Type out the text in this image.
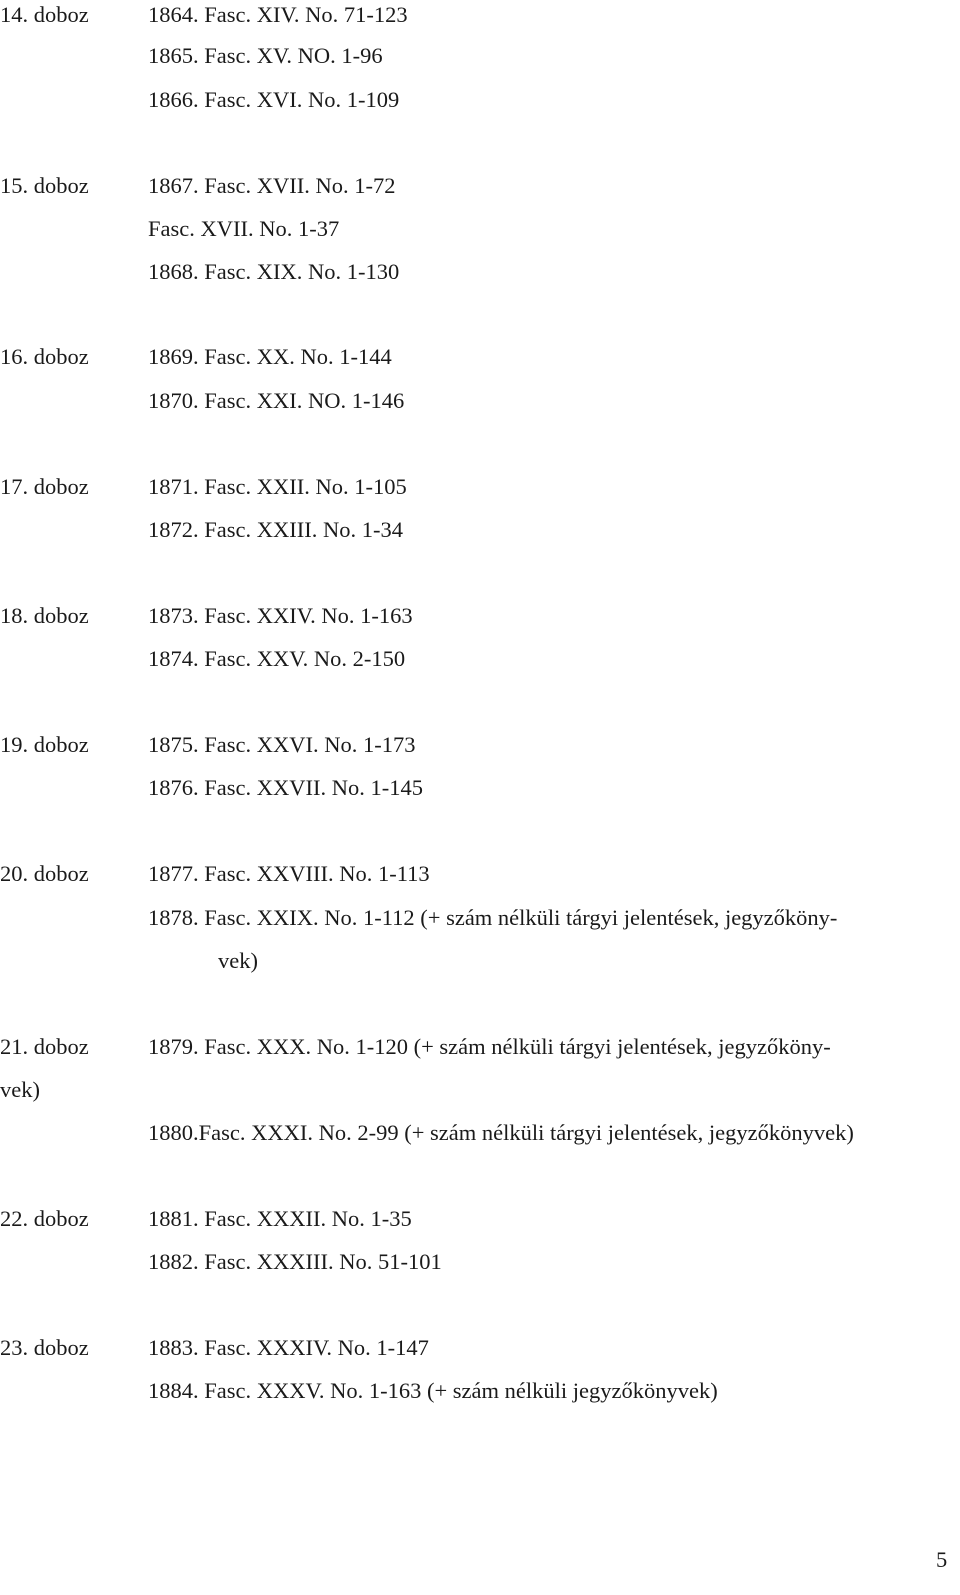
14. doboz	1864. Fasc. XIV. No. 71-123
1865. Fasc. XV. NO. 1-96
1866. Fasc. XVI. No. 1-109
15. doboz	1867. Fasc. XVII. No. 1-72
Fasc. XVII. No. 1-37
1868. Fasc. XIX. No. 1-130
16. doboz	1869. Fasc. XX. No. 1-144
1870. Fasc. XXI. NO. 1-146
17. doboz	1871. Fasc. XXII. No. 1-105
1872. Fasc. XXIII. No. 1-34
18. doboz	1873. Fasc. XXIV. No. 1-163
1874. Fasc. XXV. No. 2-150
19. doboz	1875. Fasc. XXVI. No. 1-173
1876. Fasc. XXVII. No. 1-145
20. doboz	1877. Fasc. XXVIII. No. 1-113
1878. Fasc. XXIX. No. 1-112 (+ szám nélküli tárgyi jelentések, jegyzőköny-
vek)
21. doboz	1879. Fasc. XXX. No. 1-120 (+ szám nélküli tárgyi jelentések, jegyzőköny-
vek)
1880.Fasc. XXXI. No. 2-99 (+ szám nélküli tárgyi jelentések, jegyzőkönyvek)
22. doboz	1881. Fasc. XXXII. No. 1-35
1882. Fasc. XXXIII. No. 51-101
23. doboz	1883. Fasc. XXXIV. No. 1-147
1884. Fasc. XXXV. No. 1-163 (+ szám nélküli jegyzőkönyvek)
5
